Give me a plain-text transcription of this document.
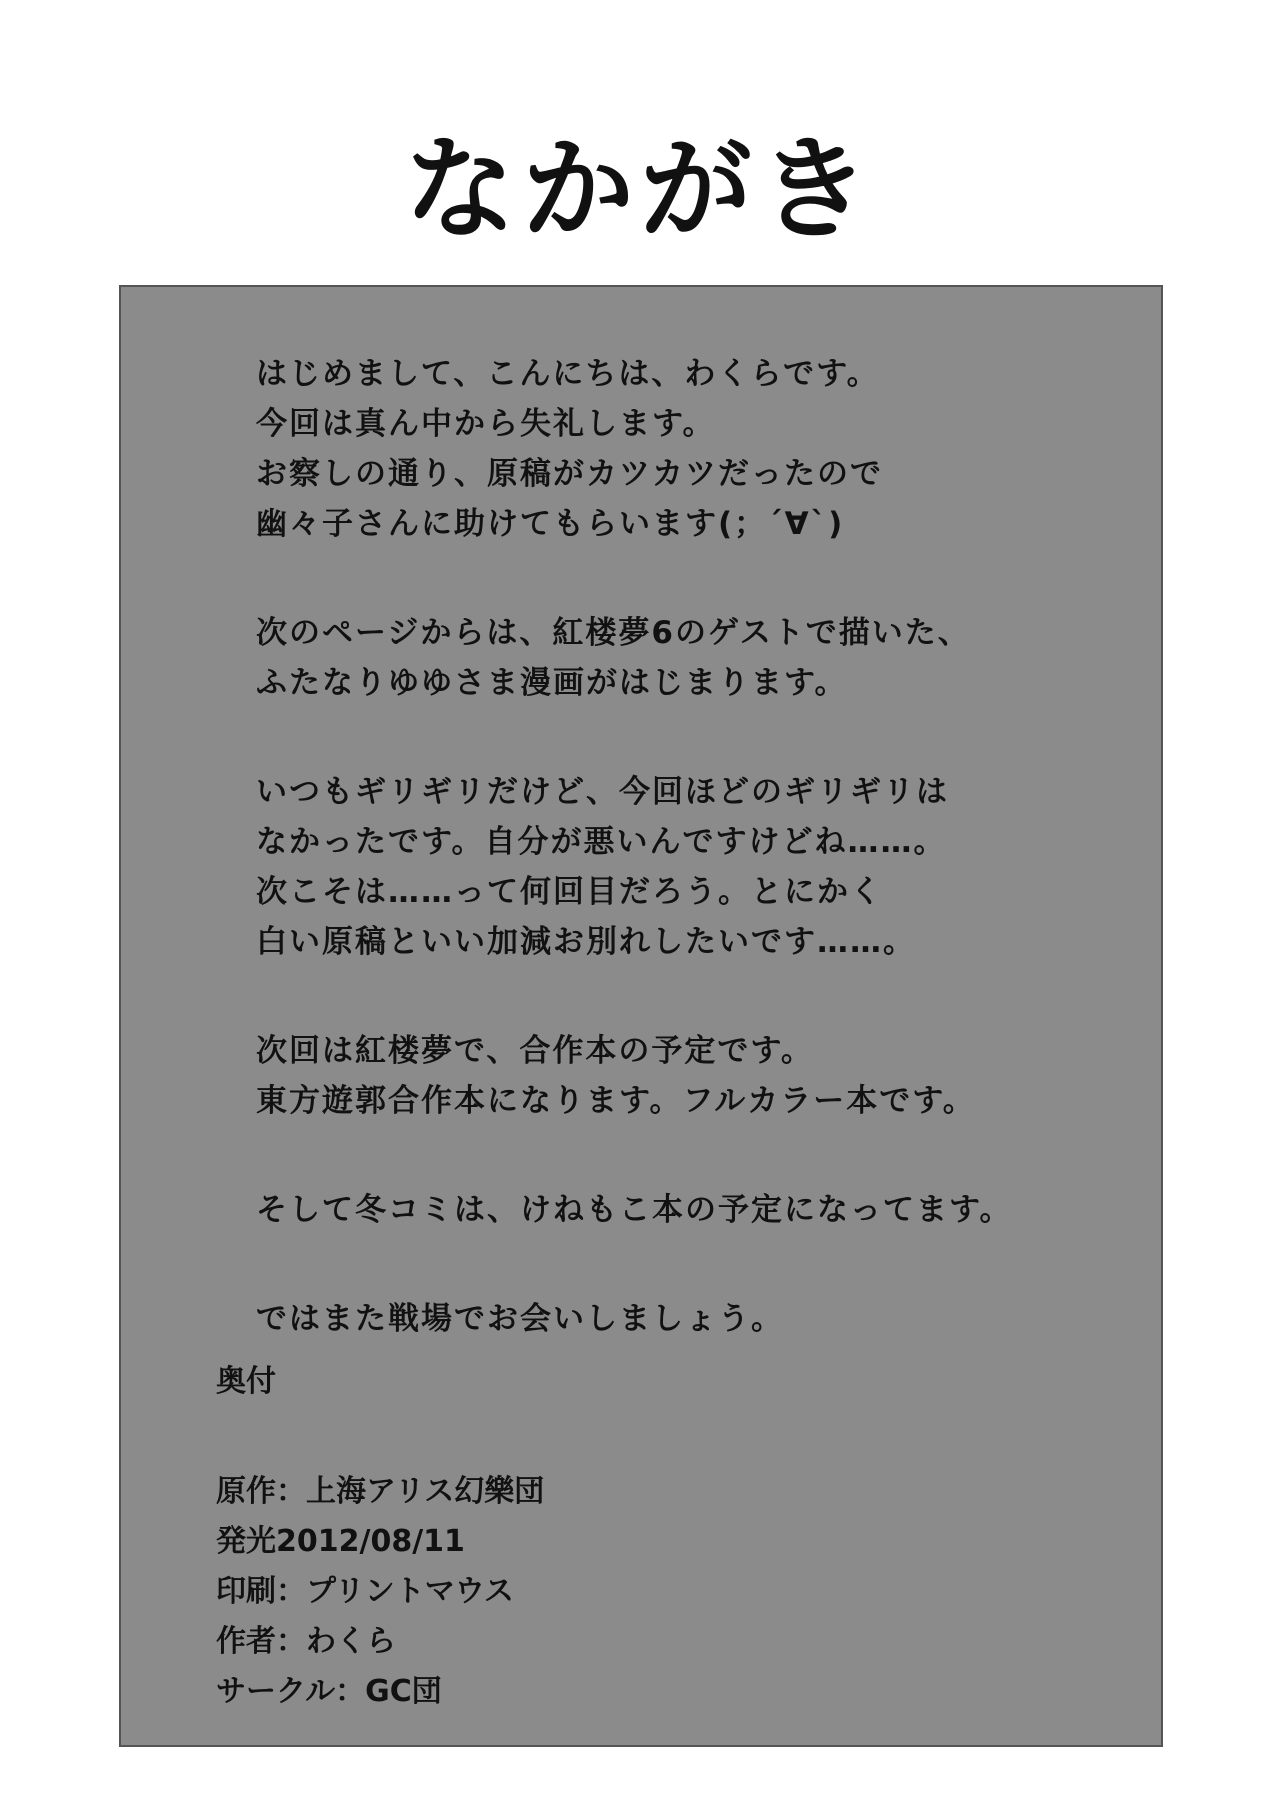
なかがき
はじめまして、こんにちは、わくらです。
今回は真ん中から失礼します。
お察しの通り、原稿がカツカツだったので
幽々子さんに助けてもらいます(；´∀`)
次のページからは、紅楼夢6のゲストで描いた、
ふたなりゆゆさま漫画がはじまります。
いつもギリギリだけど、今回ほどのギリギリは
なかったです。自分が悪いんですけどね……。
次こそは……って何回目だろう。とにかく
白い原稿といい加減お別れしたいです……。
次回は紅楼夢で、合作本の予定です。
東方遊郭合作本になります。フルカラー本です。
そして冬コミは、けねもこ本の予定になってます。
ではまた戦場でお会いしましょう。
奥付
原作：上海アリス幻樂団
発光2012/08/11
印刷：プリントマウス
作者：わくら
サークル：GC団
